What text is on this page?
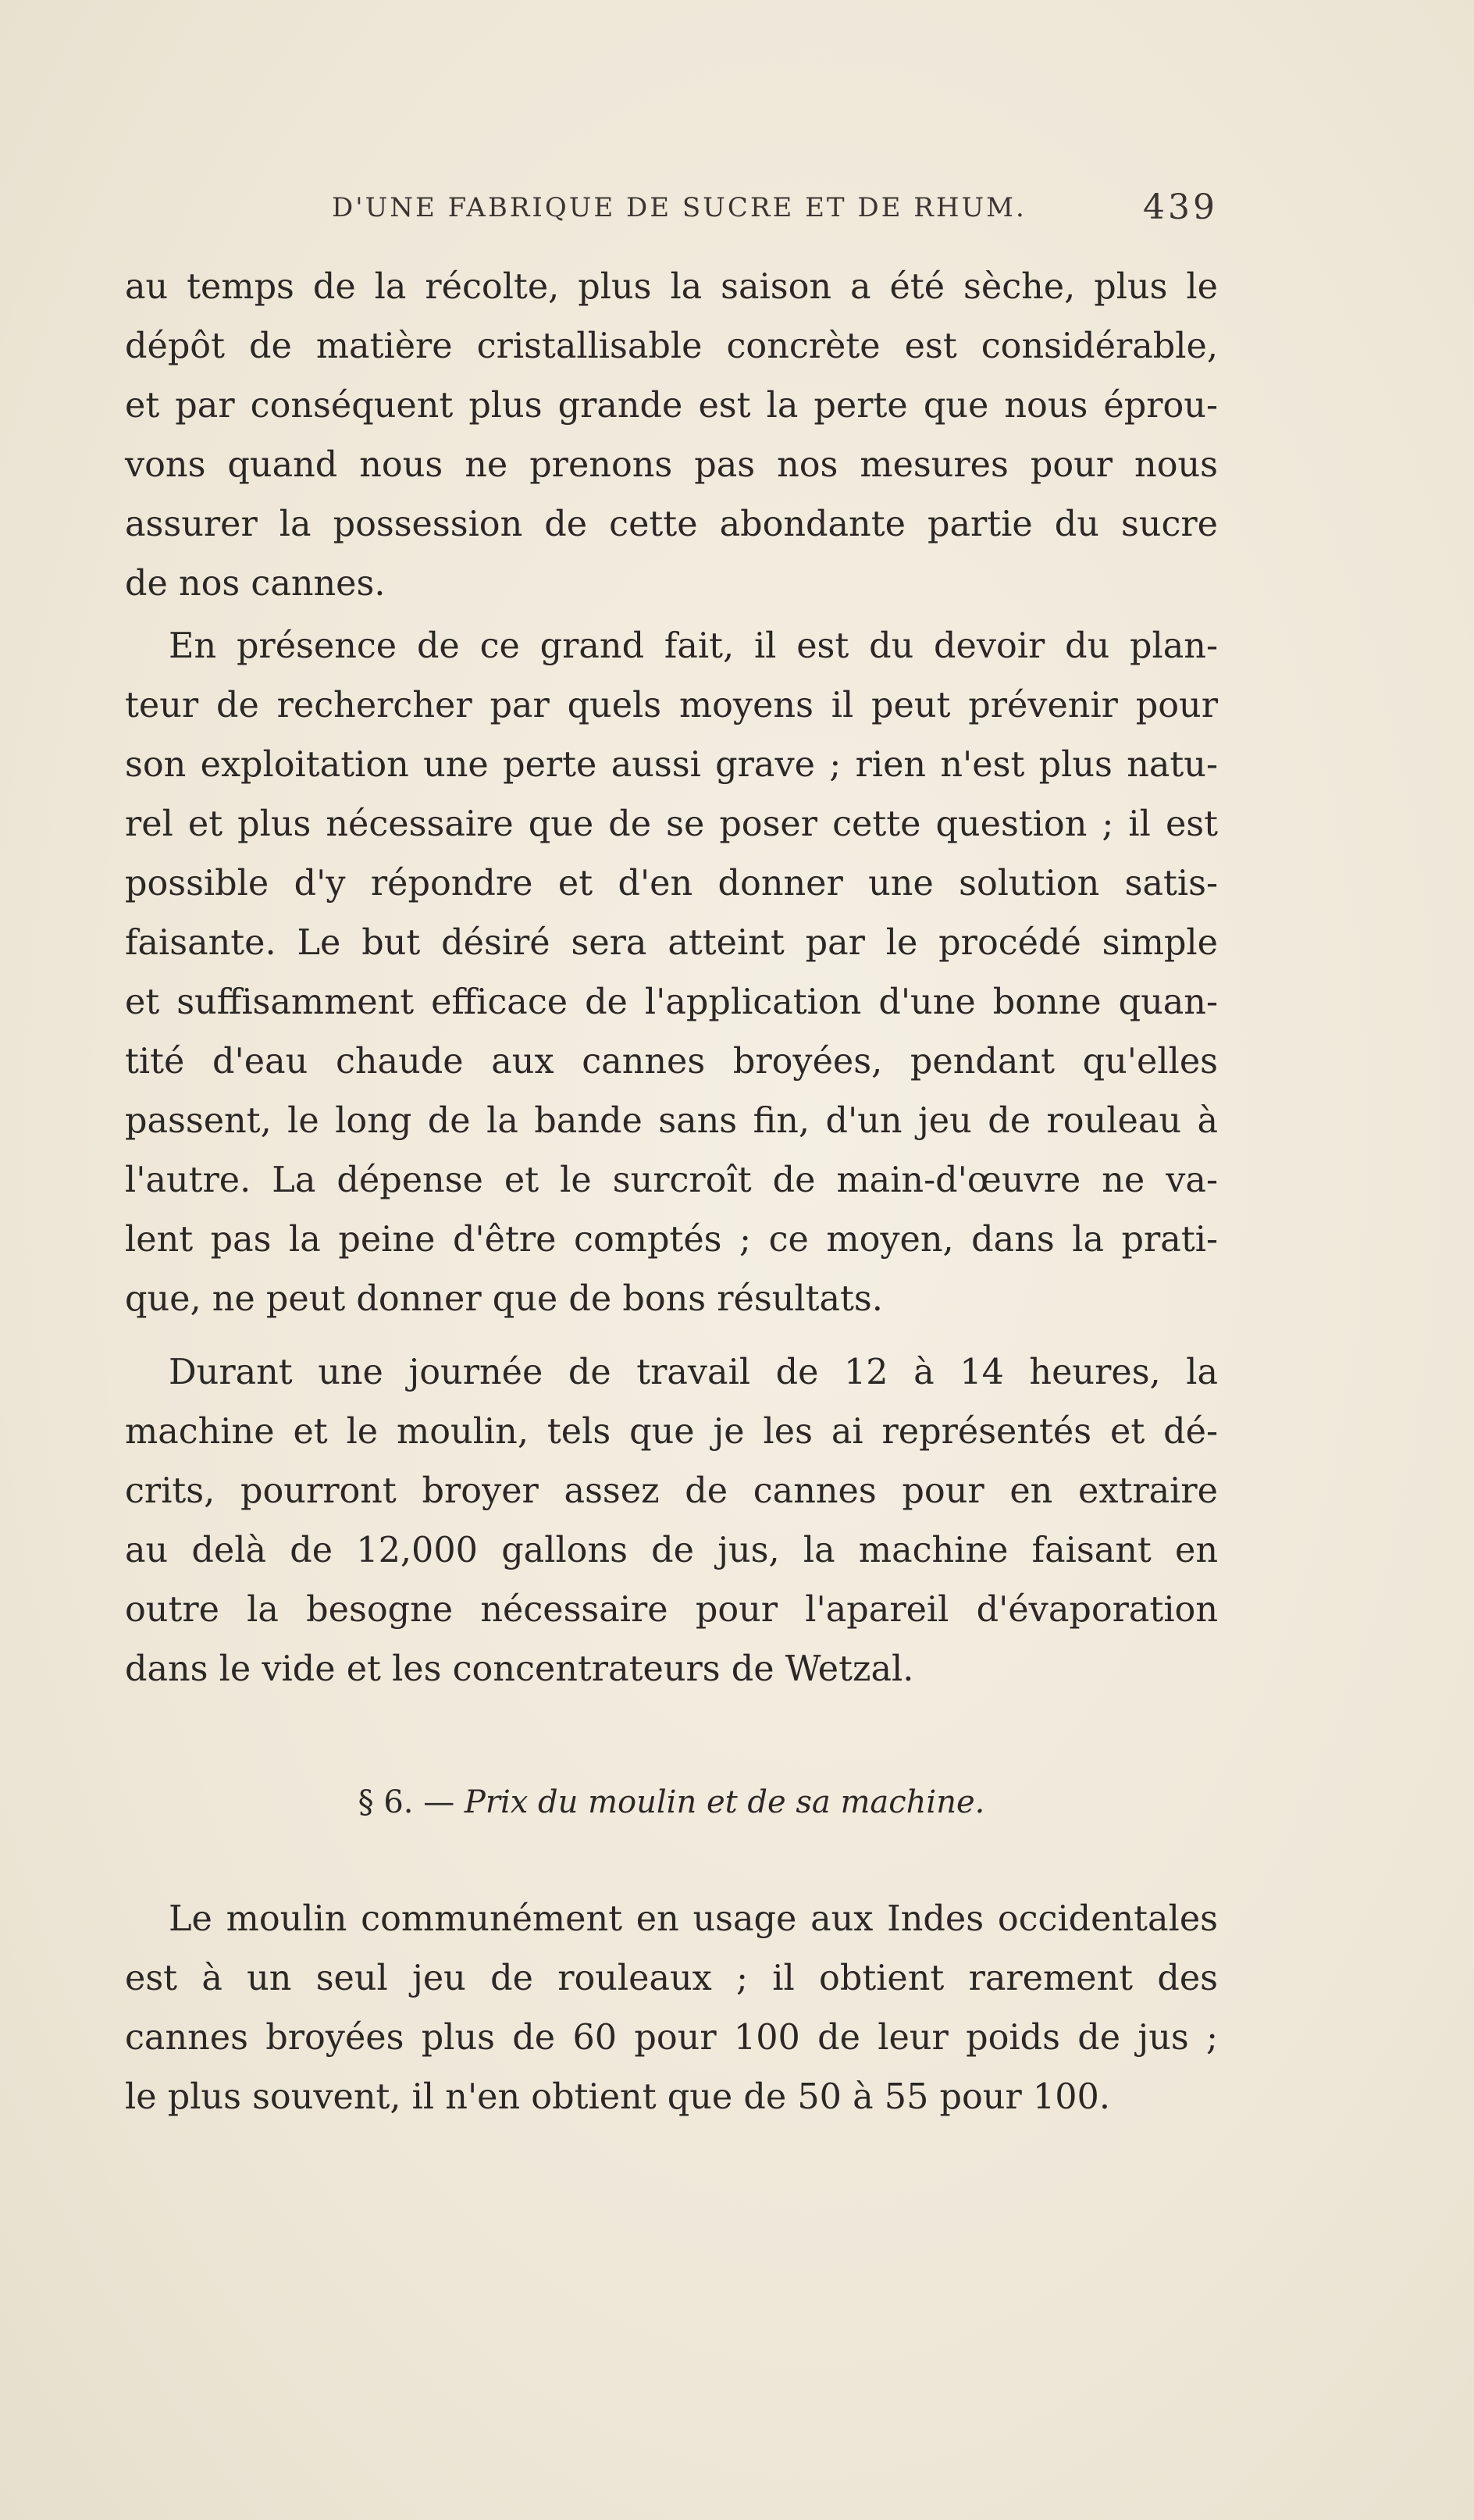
D'UNE FABRIQUE DE SUCRE ET DE RHUM.	439
au temps de la récolte, plus la saison a été sèche, plus le
dépôt de matière cristallisable concrète est considérable,
et par conséquent plus grande est la perte que nous éprou-
vons quand nous ne prenons pas nos mesures pour nous
assurer la possession de cette abondante partie du sucre
de nos cannes.
En présence de ce grand fait, il est du devoir du plan-
teur de rechercher par quels moyens il peut prévenir pour
son exploitation une perte aussi grave ; rien n'est plus natu-
rel et plus nécessaire que de se poser cette question ; il est
possible d'y répondre et d'en donner une solution satis-
faisante. Le but désiré sera atteint par le procédé simple
et suffisamment efficace de l'application d'une bonne quan-
tité d'eau chaude aux cannes broyées, pendant qu'elles
passent, le long de la bande sans fin, d'un jeu de rouleau à
l'autre. La dépense et le surcroît de main-d'œuvre ne va-
lent pas la peine d'être comptés ; ce moyen, dans la prati-
que, ne peut donner que de bons résultats.
Durant une journée de travail de 12 à 14 heures, la
machine et le moulin, tels que je les ai représentés et dé-
crits, pourront broyer assez de cannes pour en extraire
au delà de 12,000 gallons de jus, la machine faisant en
outre la besogne nécessaire pour l'apareil d'évaporation
dans le vide et les concentrateurs de Wetzal.
§ 6. — Prix du moulin et de sa machine.
Le moulin communément en usage aux Indes occidentales
est à un seul jeu de rouleaux ; il obtient rarement des
cannes broyées plus de 60 pour 100 de leur poids de jus ;
le plus souvent, il n'en obtient que de 50 à 55 pour 100.
